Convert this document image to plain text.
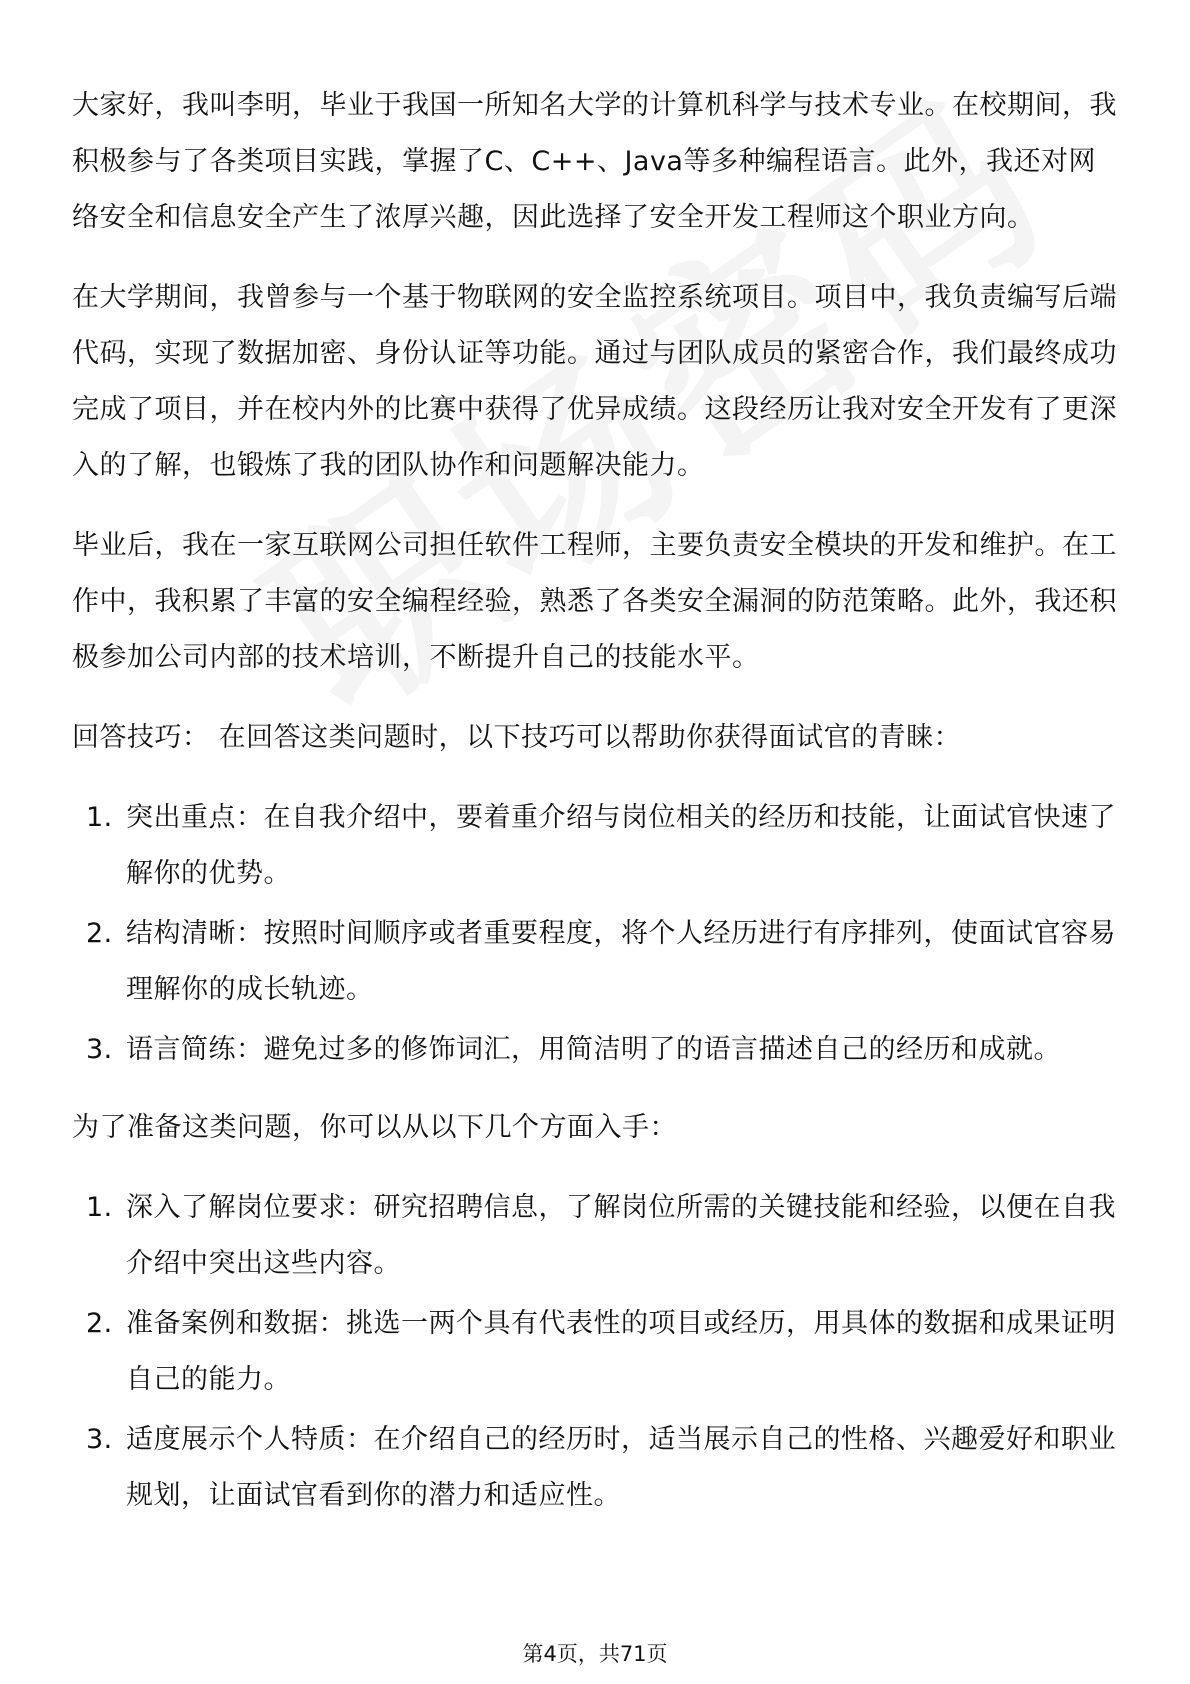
大家好，我叫李明，毕业于我国一所知名大学的计算机科学与技术专业。在校期间，我积极参与了各类项目实践，掌握了C、C++、Java等多种编程语言。此外，我还对网络安全和信息安全产生了浓厚兴趣，因此选择了安全开发工程师这个职业方向。

在大学期间，我曾参与一个基于物联网的安全监控系统项目。项目中，我负责编写后端代码，实现了数据加密、身份认证等功能。通过与团队成员的紧密合作，我们最终成功完成了项目，并在校内外的比赛中获得了优异成绩。这段经历让我对安全开发有了更深入的了解，也锻炼了我的团队协作和问题解决能力。

毕业后，我在一家互联网公司担任软件工程师，主要负责安全模块的开发和维护。在工作中，我积累了丰富的安全编程经验，熟悉了各类安全漏洞的防范策略。此外，我还积极参加公司内部的技术培训，不断提升自己的技能水平。

回答技巧： 在回答这类问题时，以下技巧可以帮助你获得面试官的青睐：

1. 突出重点：在自我介绍中，要着重介绍与岗位相关的经历和技能，让面试官快速了解你的优势。
2. 结构清晰：按照时间顺序或者重要程度，将个人经历进行有序排列，使面试官容易理解你的成长轨迹。
3. 语言简练：避免过多的修饰词汇，用简洁明了的语言描述自己的经历和成就。

为了准备这类问题，你可以从以下几个方面入手：

1. 深入了解岗位要求：研究招聘信息，了解岗位所需的关键技能和经验，以便在自我介绍中突出这些内容。
2. 准备案例和数据：挑选一两个具有代表性的项目或经历，用具体的数据和成果证明自己的能力。
3. 适度展示个人特质：在介绍自己的经历时，适当展示自己的性格、兴趣爱好和职业规划，让面试官看到你的潜力和适应性。
第4页，共71页
